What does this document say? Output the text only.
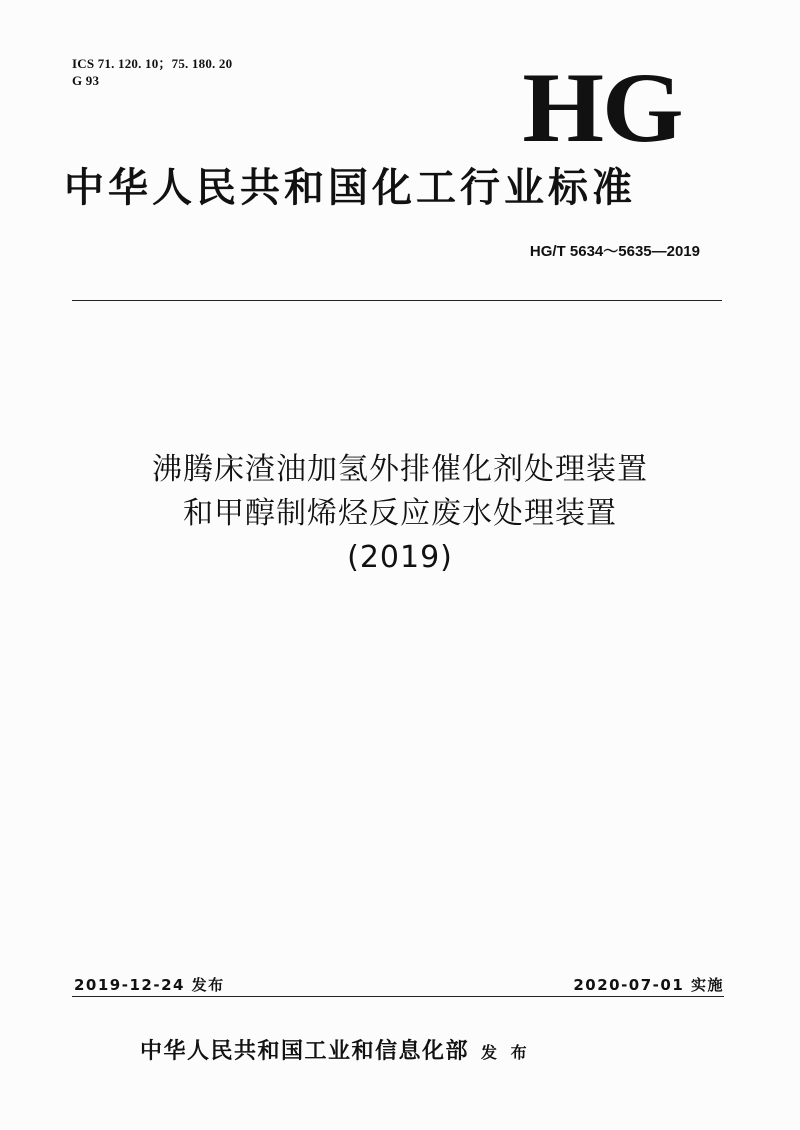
ICS 71. 120. 10；75. 180. 20
G 93	HG
中华人民共和国化工行业标准
HG/T 5634～5635—2019
沸腾床渣油加氢外排催化剂处理装置
和甲醇制烯烃反应废水处理装置
(2019)
2019-12-24 发布	2020-07-01 实施
中华人民共和国工业和信息化部 发 布
